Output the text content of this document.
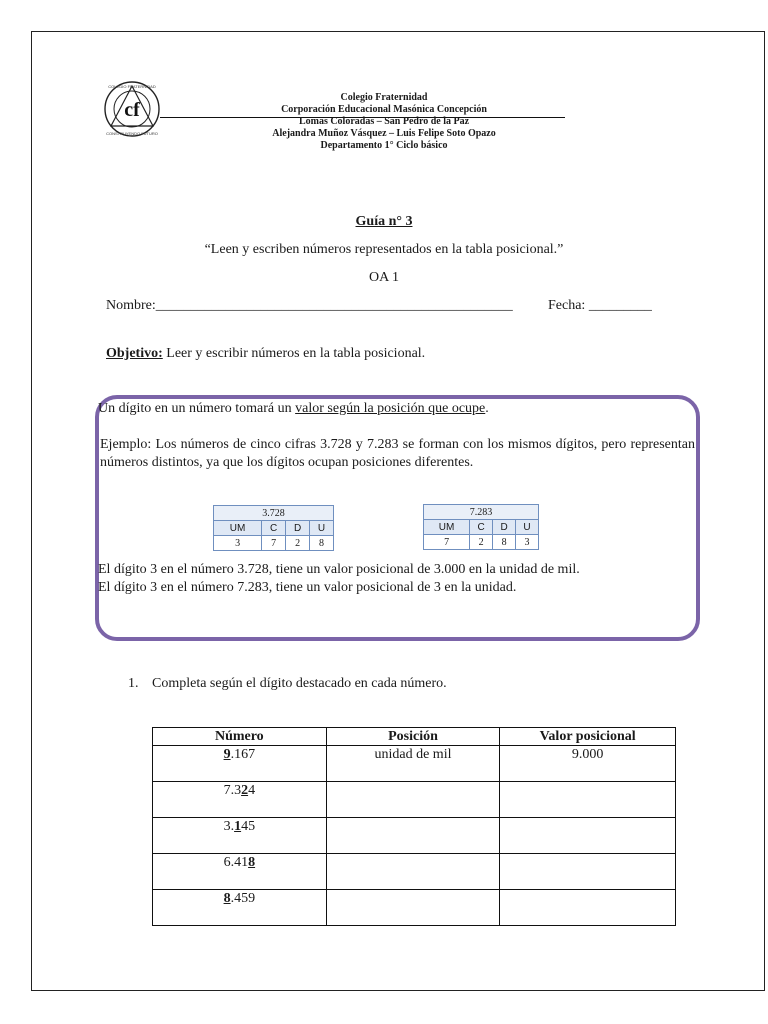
cf
COLEGIO FRATERNIDAD
CONSTRUYENDO FUTURO
Colegio Fraternidad
Corporación Educacional Masónica Concepción
Lomas Coloradas – San Pedro de la Paz
Alejandra Muñoz Vásquez – Luis Felipe Soto Opazo
Departamento 1° Ciclo básico
Guía n° 3
“Leen y escriben números representados en la tabla posicional.”
OA 1
Nombre:___________________________________________________	Fecha: _________
Objetivo: Leer y escribir números en la tabla posicional.
Un dígito en un número tomará un valor según la posición que ocupe.
Ejemplo: Los números de cinco cifras 3.728 y 7.283 se forman con los mismos dígitos, pero representan números distintos, ya que los dígitos ocupan posiciones diferentes.
3.728			
UM	C	D	U
3	7	2	8
7.283			
UM	C	D	U
7	2	8	3
El dígito 3 en el número 3.728, tiene un valor posicional de 3.000 en la unidad de mil.
El dígito 3 en el número 7.283, tiene un valor posicional de 3 en la unidad.
1. Completa según el dígito destacado en cada número.
Número	Posición	Valor posicional
9.167	unidad de mil	9.000
7.324		
3.145		
6.418		
8.459		
